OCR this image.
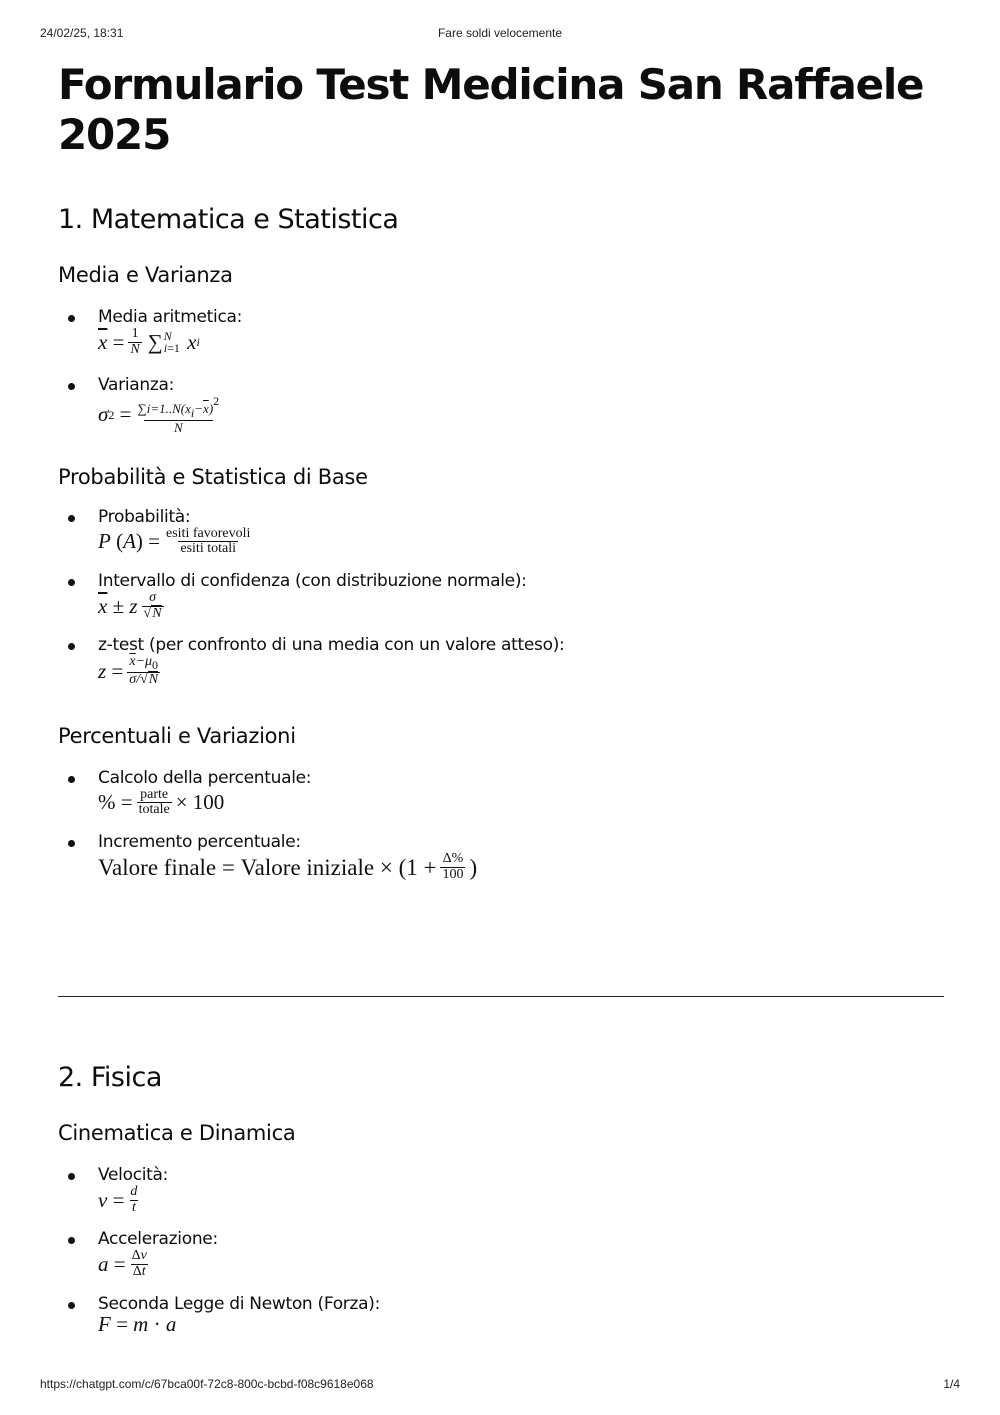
24/02/25, 18:31	Fare soldi velocemente
Formulario Test Medicina San Raffaele 2025
1. Matematica e Statistica
Media e Varianza
Media aritmetica:
$\overline{x}$
= $\frac{1}{N}$ ∑ N
i=1 x i
Varianza:
σ 2
= $\frac{\sum i=1..N(xi-\overline{x})2}{N}$
Probabilità e Statistica di Base
Probabilità:
P ( A )
= $\frac{\text{esiti favorevoli}}{\text{esiti totali}}$
Intervallo di confidenza (con distribuzione normale):
$\overline{x}$
± z $\frac{\sigma}{√N}$
z-test (per confronto di una media con un valore atteso):
$z = \frac{\overline{x}-\mu 0}{\sigma/√N}$
Percentuali e Variazioni
Calcolo della percentuale:
% = $\frac{\text{parte}}{\text{totale}} \times 100$
Incremento percentuale:
Valore finale = Valore iniziale × ($1 + \frac{\Delta\%}{100}$ )
2. Fisica
Cinematica e Dinamica
Velocità:
$v = \frac{d}{t}$
Accelerazione:
$a = \frac{\Delta v}{\Delta t}$
Seconda Legge di Newton (Forza):
F = m · a
https://chatgpt.com/c/67bca00f-72c8-800c-bcbd-f08c9618e068	1/4
